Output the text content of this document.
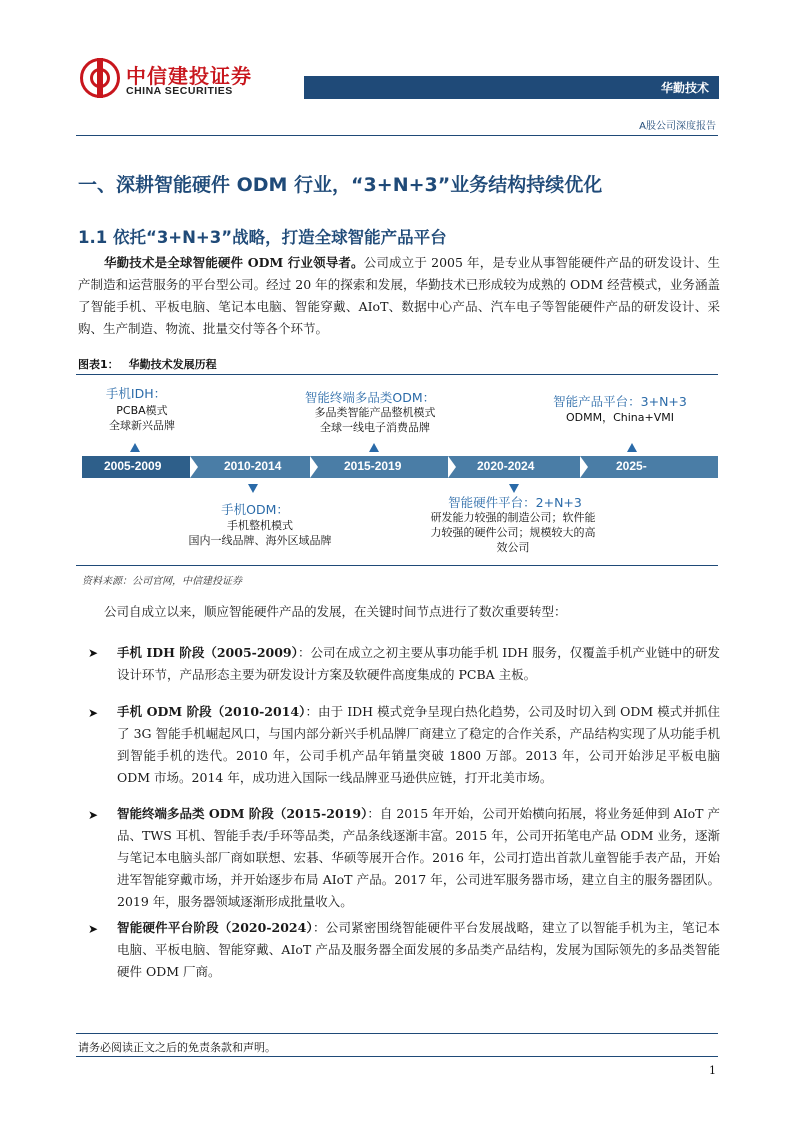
中信建投证券
CHINA SECURITIES	华勤技术
A股公司深度报告
一、深耕智能硬件 ODM 行业，“3+N+3”业务结构持续优化
1.1 依托“3+N+3”战略，打造全球智能产品平台
华勤技术是全球智能硬件 ODM 行业领导者。公司成立于 2005 年，是专业从事智能硬件产品的研发设计、生产制造和运营服务的平台型公司。经过 20 年的探索和发展，华勤技术已形成较为成熟的 ODM 经营模式，业务涵盖了智能手机、平板电脑、笔记本电脑、智能穿戴、AIoT、数据中心产品、汽车电子等智能硬件产品的研发设计、采购、生产制造、物流、批量交付等各个环节。
图表1： 华勤技术发展历程
手机IDH：
PCBA模式
全球新兴品牌
智能终端多品类ODM：
多品类智能产品整机模式
全球一线电子消费品牌
智能产品平台：3+N+3
ODMM，China+VMI
2005-2009	2010-2014	2015-2019	2020-2024	2025-
手机ODM：
手机整机模式
国内一线品牌、海外区域品牌
智能硬件平台：2+N+3
研发能力较强的制造公司；软件能力较强的硬件公司；规模较大的高效公司
资料来源：公司官网，中信建投证券
公司自成立以来，顺应智能硬件产品的发展，在关键时间节点进行了数次重要转型：
➤ 手机 IDH 阶段（2005-2009）：公司在成立之初主要从事功能手机 IDH 服务，仅覆盖手机产业链中的研发设计环节，产品形态主要为研发设计方案及软硬件高度集成的 PCBA 主板。
➤ 手机 ODM 阶段（2010-2014）：由于 IDH 模式竞争呈现白热化趋势，公司及时切入到 ODM 模式并抓住了 3G 智能手机崛起风口，与国内部分新兴手机品牌厂商建立了稳定的合作关系，产品结构实现了从功能手机到智能手机的迭代。2010 年，公司手机产品年销量突破 1800 万部。2013 年，公司开始涉足平板电脑 ODM 市场。2014 年，成功进入国际一线品牌亚马逊供应链，打开北美市场。
➤ 智能终端多品类 ODM 阶段（2015-2019）：自 2015 年开始，公司开始横向拓展，将业务延伸到 AIoT 产品、TWS 耳机、智能手表/手环等品类，产品条线逐渐丰富。2015 年，公司开拓笔电产品 ODM 业务，逐渐与笔记本电脑头部厂商如联想、宏碁、华硕等展开合作。2016 年，公司打造出首款儿童智能手表产品，开始进军智能穿戴市场，并开始逐步布局 AIoT 产品。2017 年，公司进军服务器市场，建立自主的服务器团队。2019 年，服务器领域逐渐形成批量收入。
➤ 智能硬件平台阶段（2020-2024）：公司紧密围绕智能硬件平台发展战略，建立了以智能手机为主，笔记本电脑、平板电脑、智能穿戴、AIoT 产品及服务器全面发展的多品类产品结构，发展为国际领先的多品类智能硬件 ODM 厂商。
请务必阅读正文之后的免责条款和声明。
1
